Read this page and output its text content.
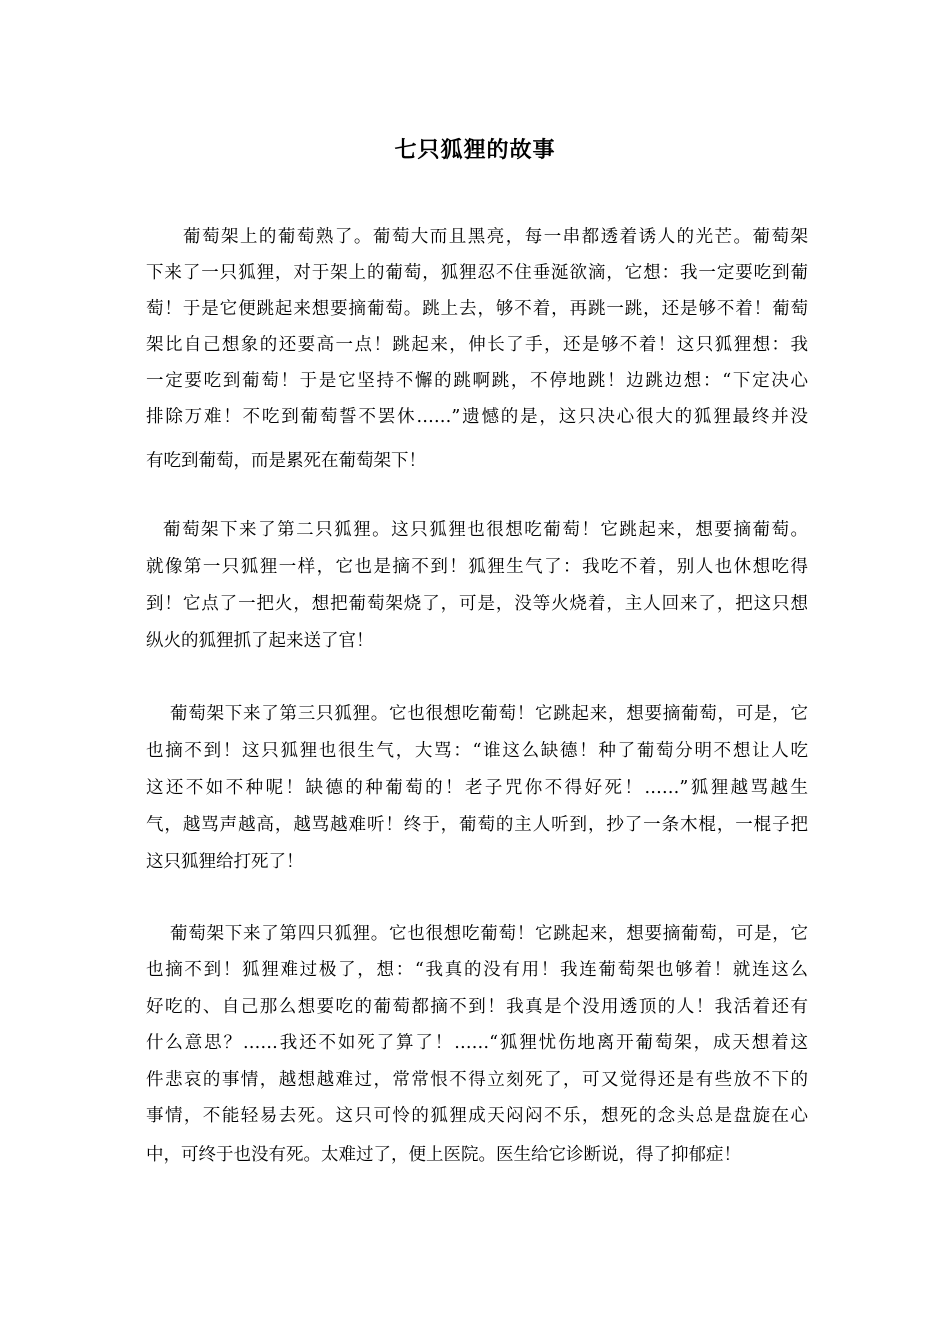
七只狐狸的故事
葡萄架上的葡萄熟了。葡萄大而且黑亮，每一串都透着诱人的光芒。葡萄架
下来了一只狐狸，对于架上的葡萄，狐狸忍不住垂涎欲滴，它想：我一定要吃到葡
萄！于是它便跳起来想要摘葡萄。跳上去，够不着，再跳一跳，还是够不着！葡萄
架比自己想象的还要高一点！跳起来，伸长了手，还是够不着！这只狐狸想：我
一定要吃到葡萄！于是它坚持不懈的跳啊跳，不停地跳！边跳边想：“下定决心
排除万难！不吃到葡萄誓不罢休……”遗憾的是，这只决心很大的狐狸最终并没
有吃到葡萄，而是累死在葡萄架下！
葡萄架下来了第二只狐狸。这只狐狸也很想吃葡萄！它跳起来，想要摘葡萄。
就像第一只狐狸一样，它也是摘不到！狐狸生气了：我吃不着，别人也休想吃得
到！它点了一把火，想把葡萄架烧了，可是，没等火烧着，主人回来了，把这只想
纵火的狐狸抓了起来送了官！
葡萄架下来了第三只狐狸。它也很想吃葡萄！它跳起来，想要摘葡萄，可是，它
也摘不到！这只狐狸也很生气，大骂：“谁这么缺德！种了葡萄分明不想让人吃
这还不如不种呢！缺德的种葡萄的！老子咒你不得好死！……”狐狸越骂越生
气，越骂声越高，越骂越难听！终于，葡萄的主人听到，抄了一条木棍，一棍子把
这只狐狸给打死了！
葡萄架下来了第四只狐狸。它也很想吃葡萄！它跳起来，想要摘葡萄，可是，它
也摘不到！狐狸难过极了，想：“我真的没有用！我连葡萄架也够着！就连这么
好吃的、自己那么想要吃的葡萄都摘不到！我真是个没用透顶的人！我活着还有
什么意思？……我还不如死了算了！……“狐狸忧伤地离开葡萄架，成天想着这
件悲哀的事情，越想越难过，常常恨不得立刻死了，可又觉得还是有些放不下的
事情，不能轻易去死。这只可怜的狐狸成天闷闷不乐，想死的念头总是盘旋在心
中，可终于也没有死。太难过了，便上医院。医生给它诊断说，得了抑郁症！
